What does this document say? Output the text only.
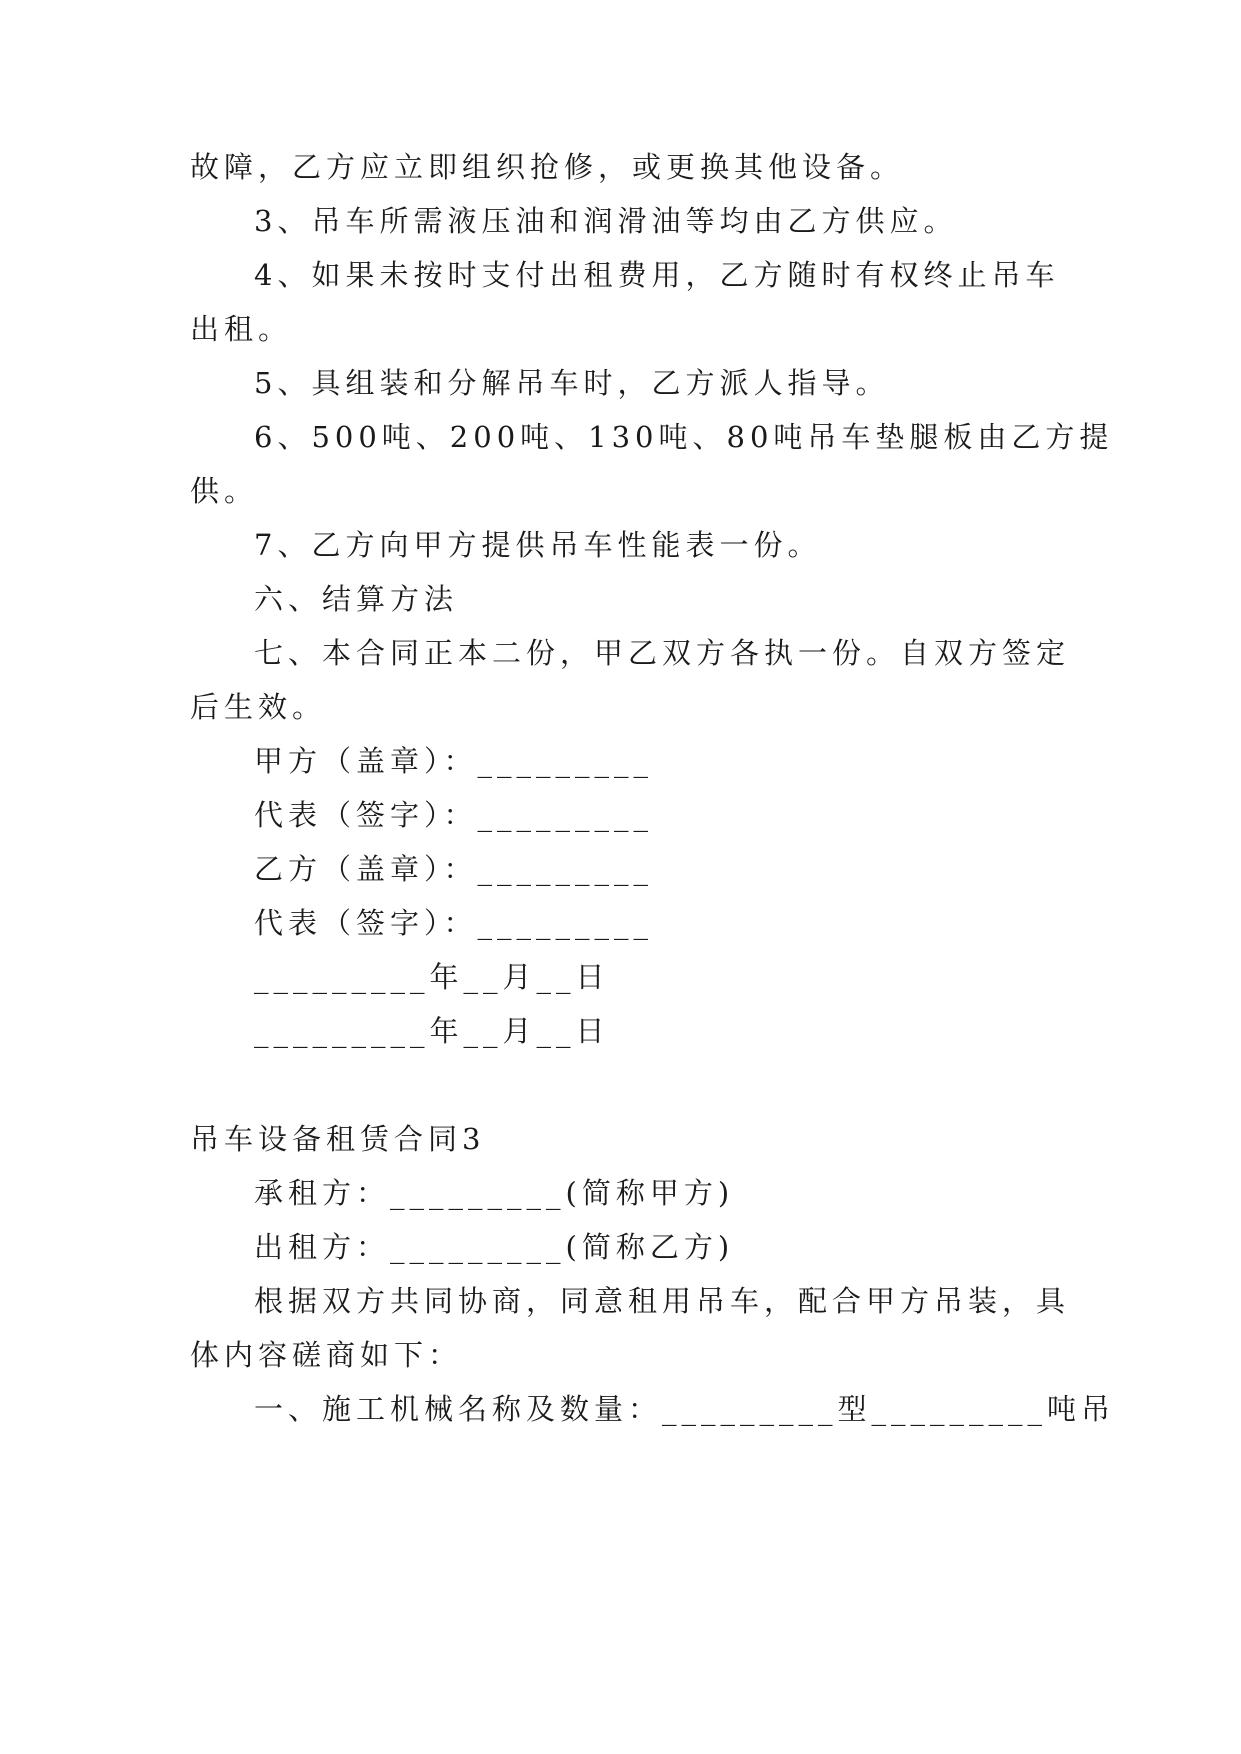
故障，乙方应立即组织抢修，或更换其他设备。
3、吊车所需液压油和润滑油等均由乙方供应。
4、如果未按时支付出租费用，乙方随时有权终止吊车
出租。
5、具组装和分解吊车时，乙方派人指导。
6、500吨、200吨、130吨、80吨吊车垫腿板由乙方提
供。
7、乙方向甲方提供吊车性能表一份。
六、结算方法
七、本合同正本二份，甲乙双方各执一份。自双方签定
后生效。
甲方（盖章）：_________
代表（签字）：_________
乙方（盖章）：_________
代表（签字）：_________
_________年__月__日
_________年__月__日
吊车设备租赁合同3
承租方：_________(简称甲方)
出租方：_________(简称乙方)
根据双方共同协商，同意租用吊车，配合甲方吊装，具
体内容磋商如下：
一、施工机械名称及数量：_________型_________吨吊
